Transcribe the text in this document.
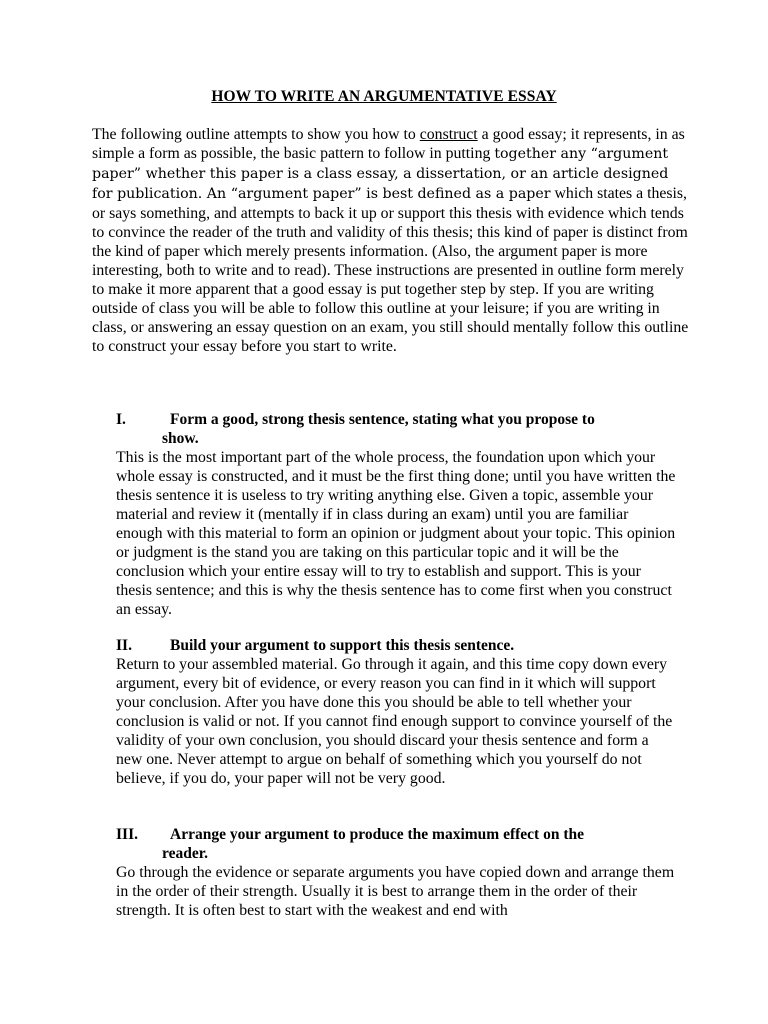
HOW TO WRITE AN ARGUMENTATIVE ESSAY

The following outline attempts to show you how to construct a good essay; it represents, in as simple a form as possible, the basic pattern to follow in putting together any “argument paper” whether this paper is a class essay, a dissertation, or an article designed for publication. An “argument paper” is best defined as a paper which states a thesis, or says something, and attempts to back it up or support this thesis with evidence which tends to convince the reader of the truth and validity of this thesis; this kind of paper is distinct from the kind of paper which merely presents information. (Also, the argument paper is more interesting, both to write and to read). These instructions are presented in outline form merely to make it more apparent that a good essay is put together step by step. If you are writing outside of class you will be able to follow this outline at your leisure; if you are writing in class, or answering an essay question on an exam, you still should mentally follow this outline to construct your essay before you start to write.

I.	Form a good, strong thesis sentence, stating what you propose to
show.

This is the most important part of the whole process, the foundation upon which your whole essay is constructed, and it must be the first thing done; until you have written the thesis sentence it is useless to try writing anything else. Given a topic, assemble your material and review it (mentally if in class during an exam) until you are familiar enough with this material to form an opinion or judgment about your topic. This opinion or judgment is the stand you are taking on this particular topic and it will be the conclusion which your entire essay will to try to establish and support. This is your thesis sentence; and this is why the thesis sentence has to come first when you construct an essay.

II. Build your argument to support this thesis sentence.

Return to your assembled material. Go through it again, and this time copy down every argument, every bit of evidence, or every reason you can find in it which will support your conclusion. After you have done this you should be able to tell whether your conclusion is valid or not. If you cannot find enough support to convince yourself of the validity of your own conclusion, you should discard your thesis sentence and form a new one. Never attempt to argue on behalf of something which you yourself do not believe, if you do, your paper will not be very good.

III. Arrange your argument to produce the maximum effect on the
reader.

Go through the evidence or separate arguments you have copied down and arrange them in the order of their strength. Usually it is best to arrange them in the order of their strength. It is often best to start with the weakest and end with
